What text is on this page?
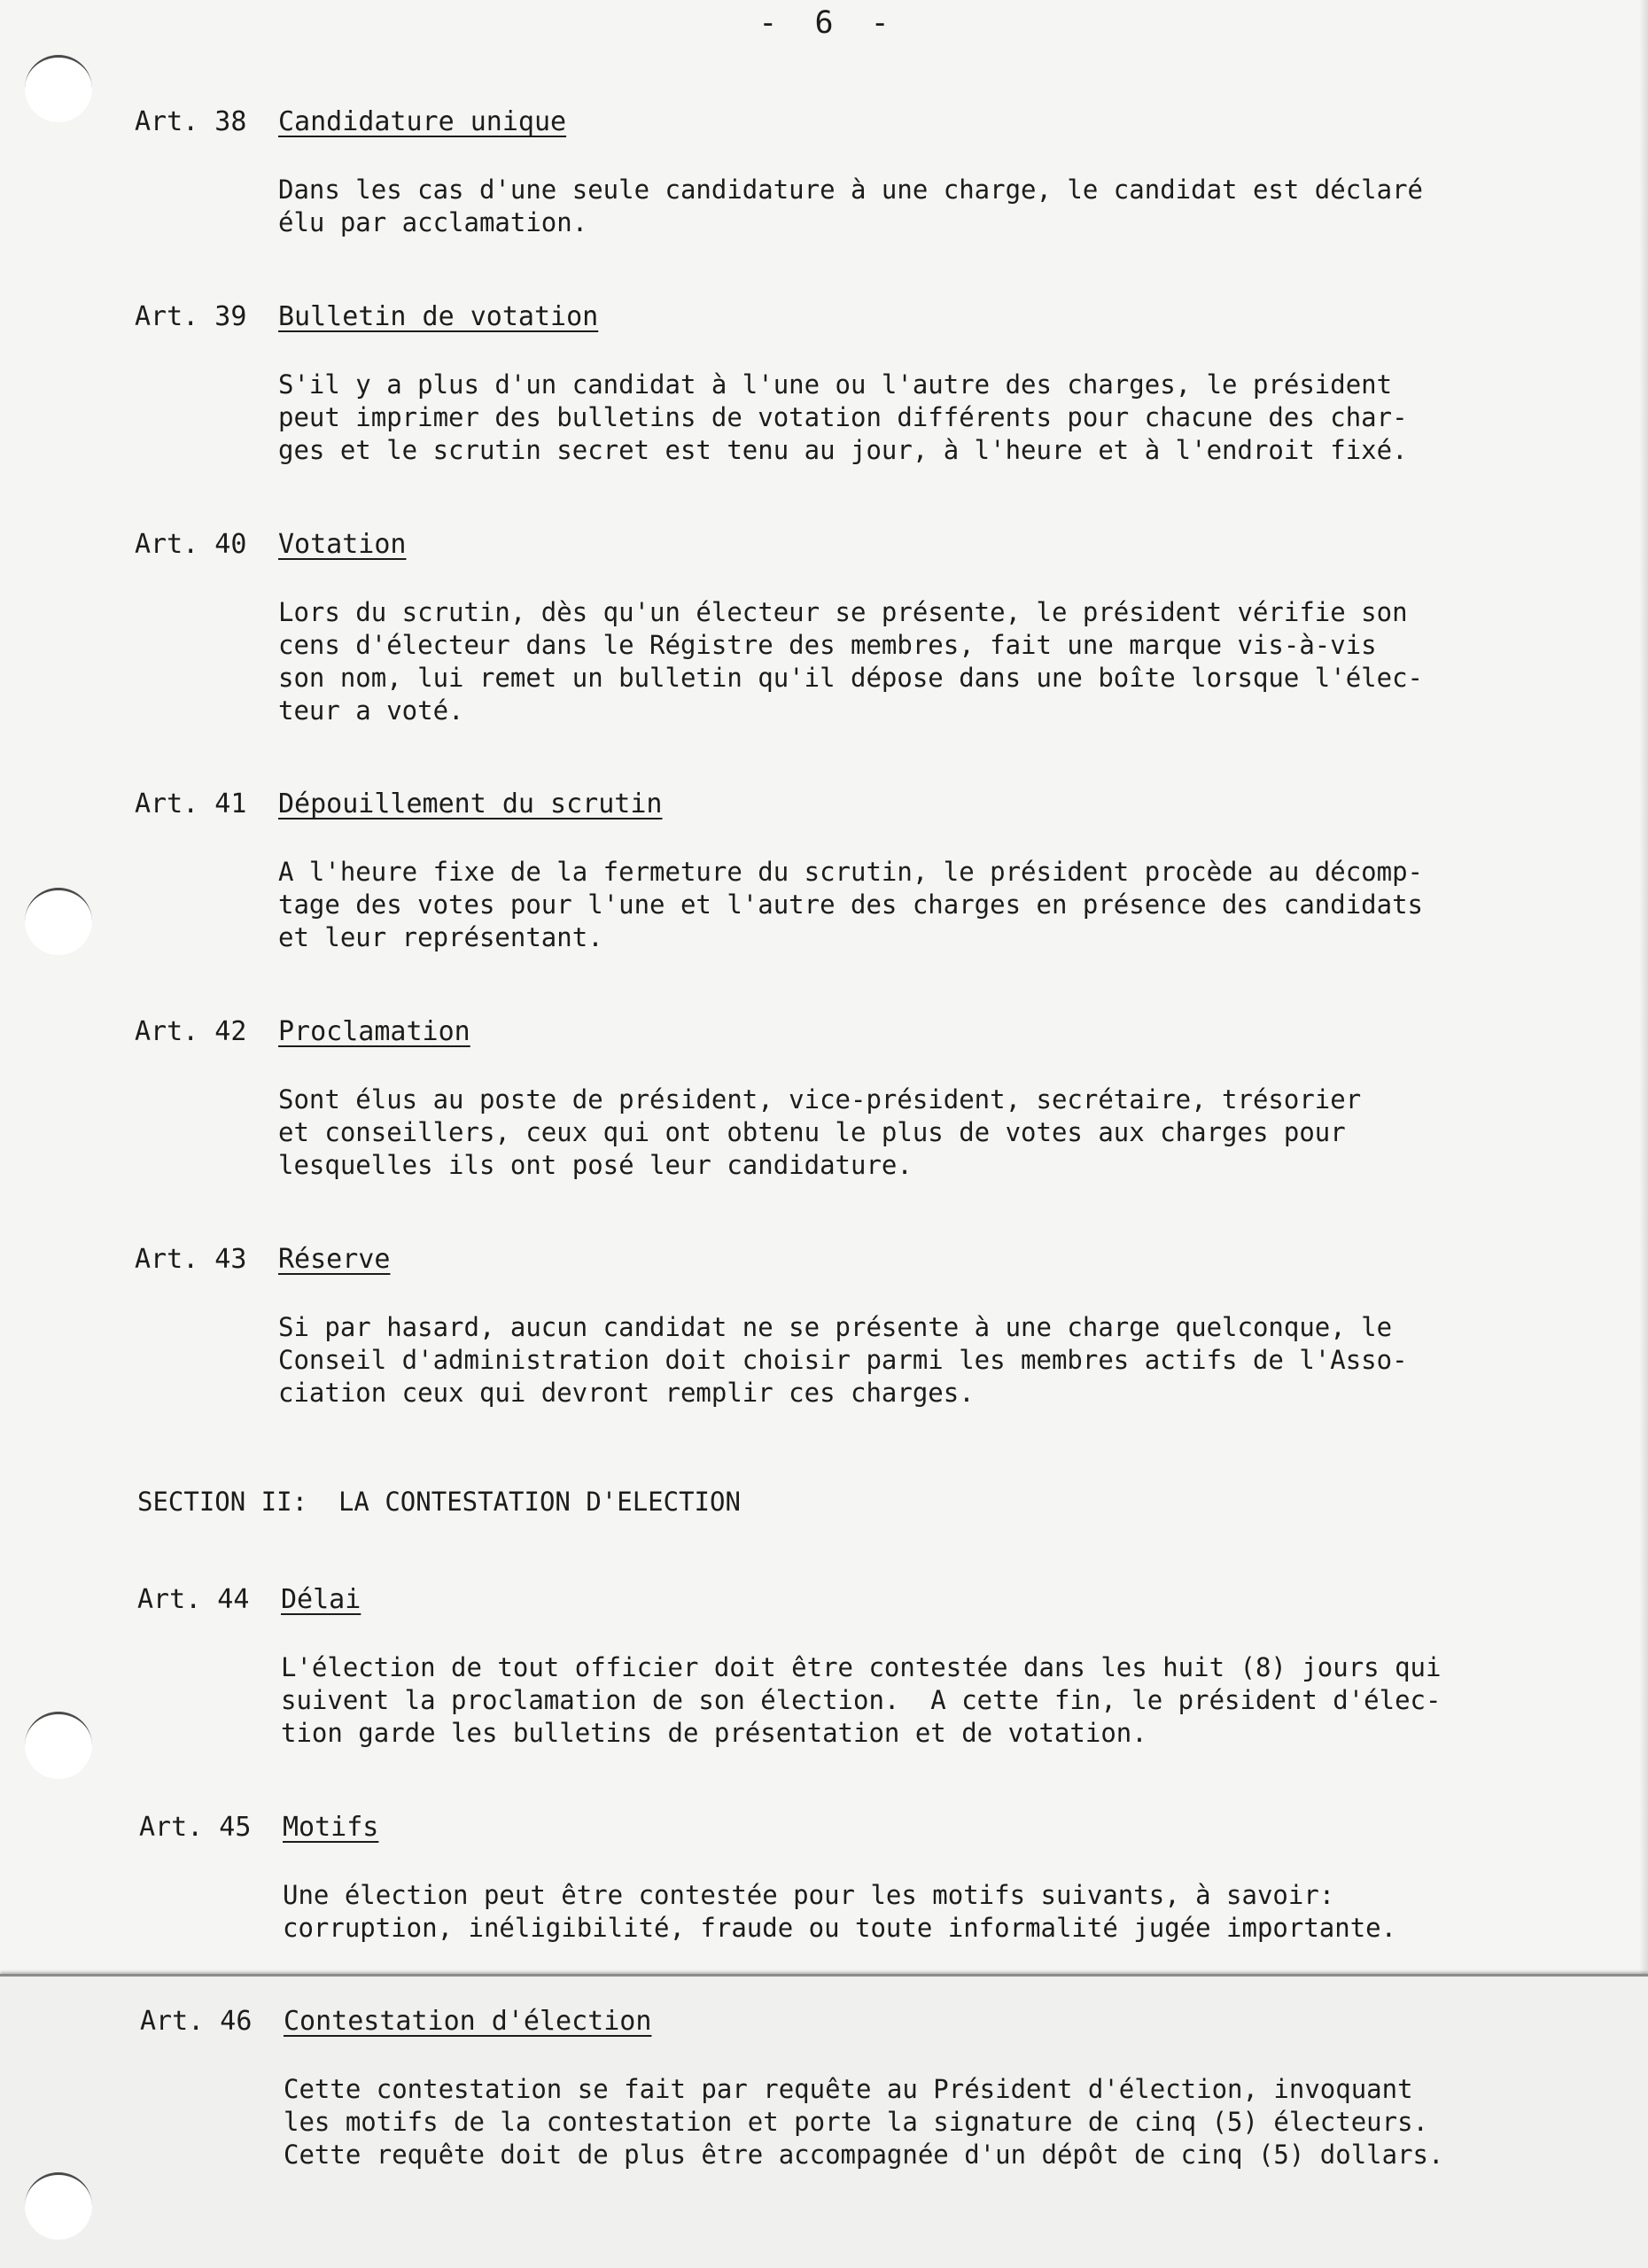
-  6  -
Art. 38 Candidature unique
Dans les cas d'une seule candidature à une charge, le candidat est déclaré
élu par acclamation.
Art. 39 Bulletin de votation
S'il y a plus d'un candidat à l'une ou l'autre des charges, le président
peut imprimer des bulletins de votation différents pour chacune des char-
ges et le scrutin secret est tenu au jour, à l'heure et à l'endroit fixé.
Art. 40 Votation
Lors du scrutin, dès qu'un électeur se présente, le président vérifie son
cens d'électeur dans le Régistre des membres, fait une marque vis-à-vis
son nom, lui remet un bulletin qu'il dépose dans une boîte lorsque l'élec-
teur a voté.
Art. 41 Dépouillement du scrutin
A l'heure fixe de la fermeture du scrutin, le président procède au décomp-
tage des votes pour l'une et l'autre des charges en présence des candidats
et leur représentant.
Art. 42 Proclamation
Sont élus au poste de président, vice-président, secrétaire, trésorier
et conseillers, ceux qui ont obtenu le plus de votes aux charges pour
lesquelles ils ont posé leur candidature.
Art. 43 Réserve
Si par hasard, aucun candidat ne se présente à une charge quelconque, le
Conseil d'administration doit choisir parmi les membres actifs de l'Asso-
ciation ceux qui devront remplir ces charges.
SECTION II:  LA CONTESTATION D'ELECTION
Art. 44 Délai
L'élection de tout officier doit être contestée dans les huit (8) jours qui
suivent la proclamation de son élection.  A cette fin, le président d'élec-
tion garde les bulletins de présentation et de votation.
Art. 45 Motifs
Une élection peut être contestée pour les motifs suivants, à savoir:
corruption, inéligibilité, fraude ou toute informalité jugée importante.
Art. 46 Contestation d'élection
Cette contestation se fait par requête au Président d'élection, invoquant
les motifs de la contestation et porte la signature de cinq (5) électeurs.
Cette requête doit de plus être accompagnée d'un dépôt de cinq (5) dollars.
